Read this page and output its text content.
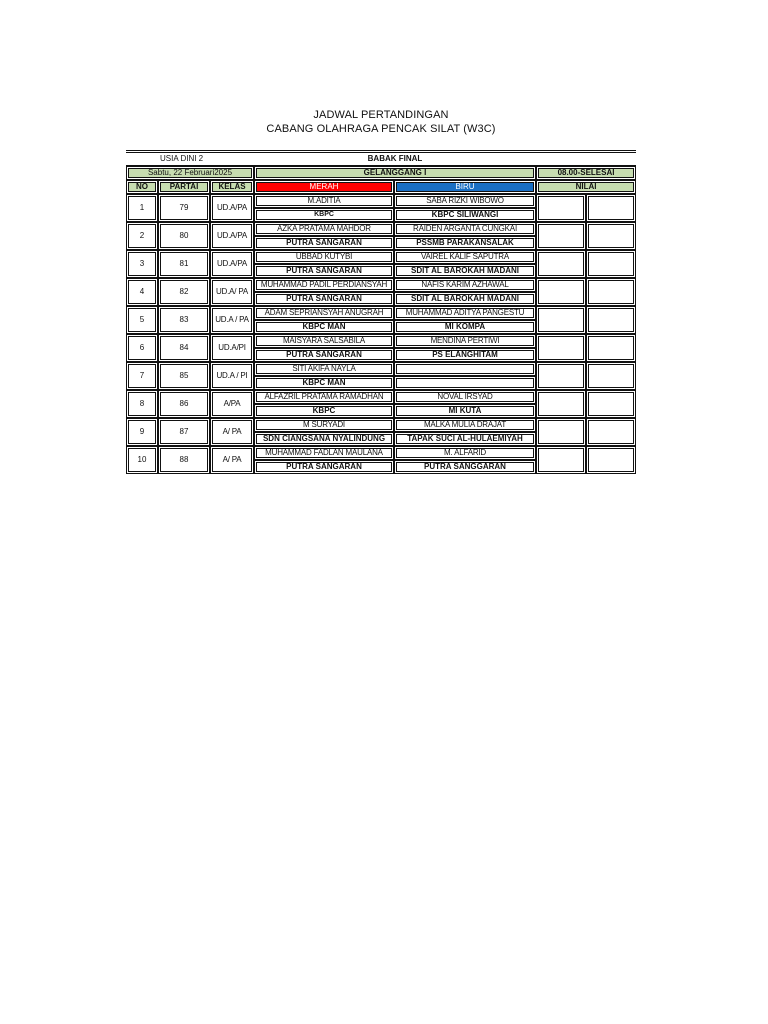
JADWAL PERTANDINGAN
CABANG OLAHRAGA PENCAK SILAT (W3C)
USIA DINI 2	BABAK FINAL
Sabtu, 22 Februari2025			GELANGGANG I		08.00-SELESAI	
NO	PARTAI	KELAS	MERAH	BIRU	NILAI	
1	79	UD.A/PA	M.ADITIA	SABA RIZKI WIBOWO		
			KBPC	KBPC SILIWANGI		
2	80	UD.A/PA	AZKA PRATAMA MAHDOR	RAIDEN ARGANTA CUNGKAI		
			PUTRA SANGARAN	PSSMB PARAKANSALAK		
3	81	UD.A/PA	UBBAD KUTYBI	VAIREL KALIF SAPUTRA		
			PUTRA SANGARAN	SDIT AL BAROKAH MADANI		
4	82	UD.A/ PA	MUHAMMAD PADIL PERDIANSYAH	NAFIS KARIM AZHAWAL		
			PUTRA SANGARAN	SDIT AL BAROKAH MADANI		
5	83	UD.A / PA	ADAM SEPRIANSYAH ANUGRAH	MUHAMMAD ADITYA PANGESTU		
			KBPC MAN	MI KOMPA		
6	84	UD.A/PI	MAISYARA SALSABILA	MENDINA PERTIWI		
			PUTRA SANGARAN	PS ELANGHITAM		
7	85	UD.A / PI	SITI AKIFA NAYLA			
			KBPC MAN			
8	86	A/PA	ALFAZRIL PRATAMA RAMADHAN	NOVAL IRSYAD		
			KBPC	MI KUTA		
9	87	A/ PA	M SURYADI	MALKA MULIA DRAJAT		
			SDN CIANGSANA NYALINDUNG	TAPAK SUCI AL-HULAEMIYAH		
10	88	A/ PA	MUHAMMAD FADLAN MAULANA	M. ALFARID		
			PUTRA SANGARAN	PUTRA SANGGARAN		
